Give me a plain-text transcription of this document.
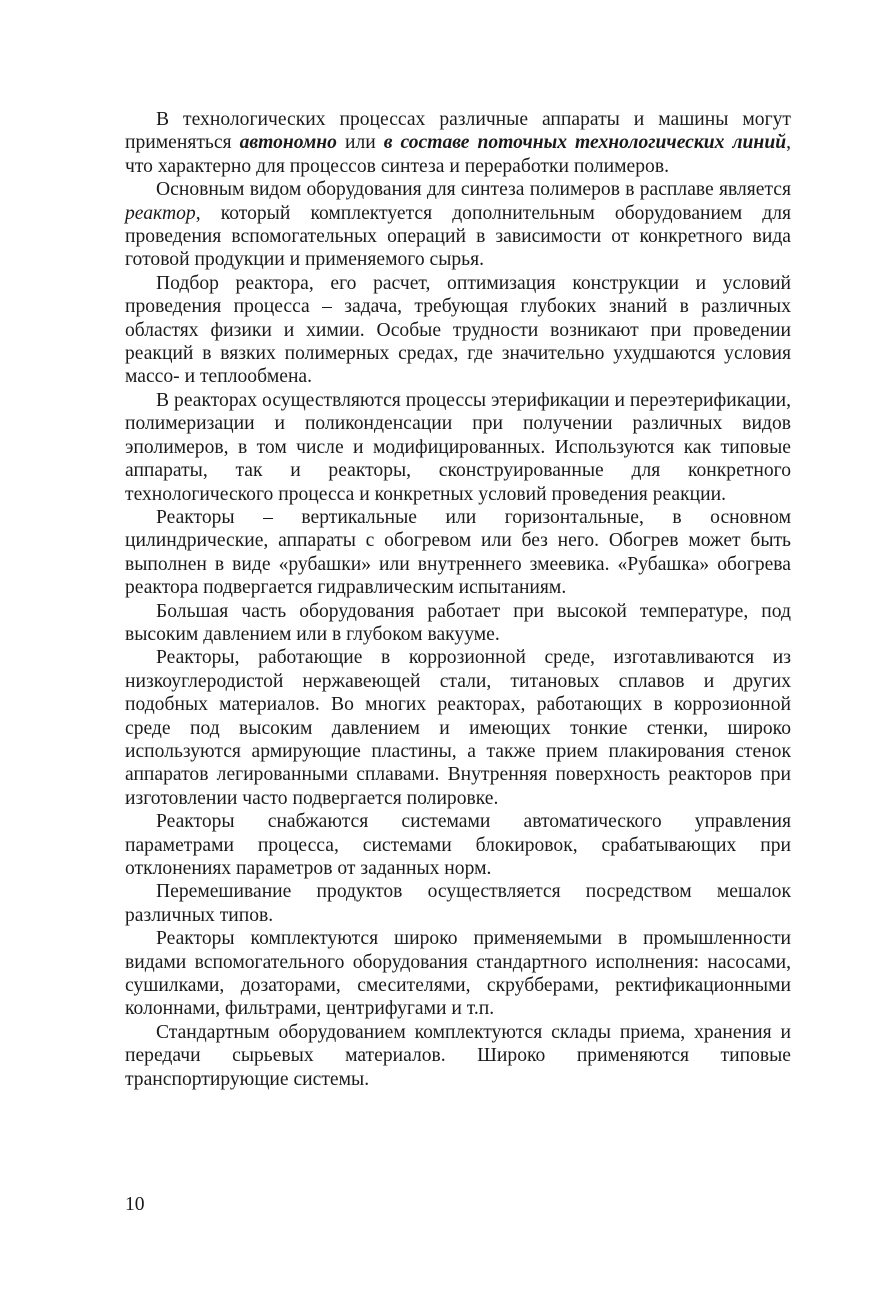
В технологических процессах различные аппараты и машины могут применяться автономно или в составе поточных технологических линий, что характерно для процессов синтеза и переработки полимеров.

Основным видом оборудования для синтеза полимеров в расплаве является реактор, который комплектуется дополнительным оборудованием для проведения вспомогательных операций в зависимости от конкретного вида готовой продукции и применяемого сырья.

Подбор реактора, его расчет, оптимизация конструкции и условий проведения процесса – задача, требующая глубоких знаний в различных областях физики и химии. Особые трудности возникают при проведении реакций в вязких полимерных средах, где значительно ухудшаются условия массо- и теплообмена.

В реакторах осуществляются процессы этерификации и переэтерификации, полимеризации и поликонденсации при получении различных видов эполимеров, в том числе и модифицированных. Используются как типовые аппараты, так и реакторы, сконструированные для конкретного технологического процесса и конкретных условий проведения реакции.

Реакторы – вертикальные или горизонтальные, в основном цилиндрические, аппараты с обогревом или без него. Обогрев может быть выполнен в виде «рубашки» или внутреннего змеевика. «Рубашка» обогрева реактора подвергается гидравлическим испытаниям.

Большая часть оборудования работает при высокой температуре, под высоким давлением или в глубоком вакууме.

Реакторы, работающие в коррозионной среде, изготавливаются из низкоуглеродистой нержавеющей стали, титановых сплавов и других подобных материалов. Во многих реакторах, работающих в коррозионной среде под высоким давлением и имеющих тонкие стенки, широко используются армирующие пластины, а также прием плакирования стенок аппаратов легированными сплавами. Внутренняя поверхность реакторов при изготовлении часто подвергается полировке.

Реакторы снабжаются системами автоматического управления параметрами процесса, системами блокировок, срабатывающих при отклонениях параметров от заданных норм.

Перемешивание продуктов осуществляется посредством мешалок различных типов.

Реакторы комплектуются широко применяемыми в промышленности видами вспомогательного оборудования стандартного исполнения: насосами, сушилками, дозаторами, смесителями, скрубберами, ректификационными колоннами, фильтрами, центрифугами и т.п.

Стандартным оборудованием комплектуются склады приема, хранения и передачи сырьевых материалов. Широко применяются типовые транспортирующие системы.

10
